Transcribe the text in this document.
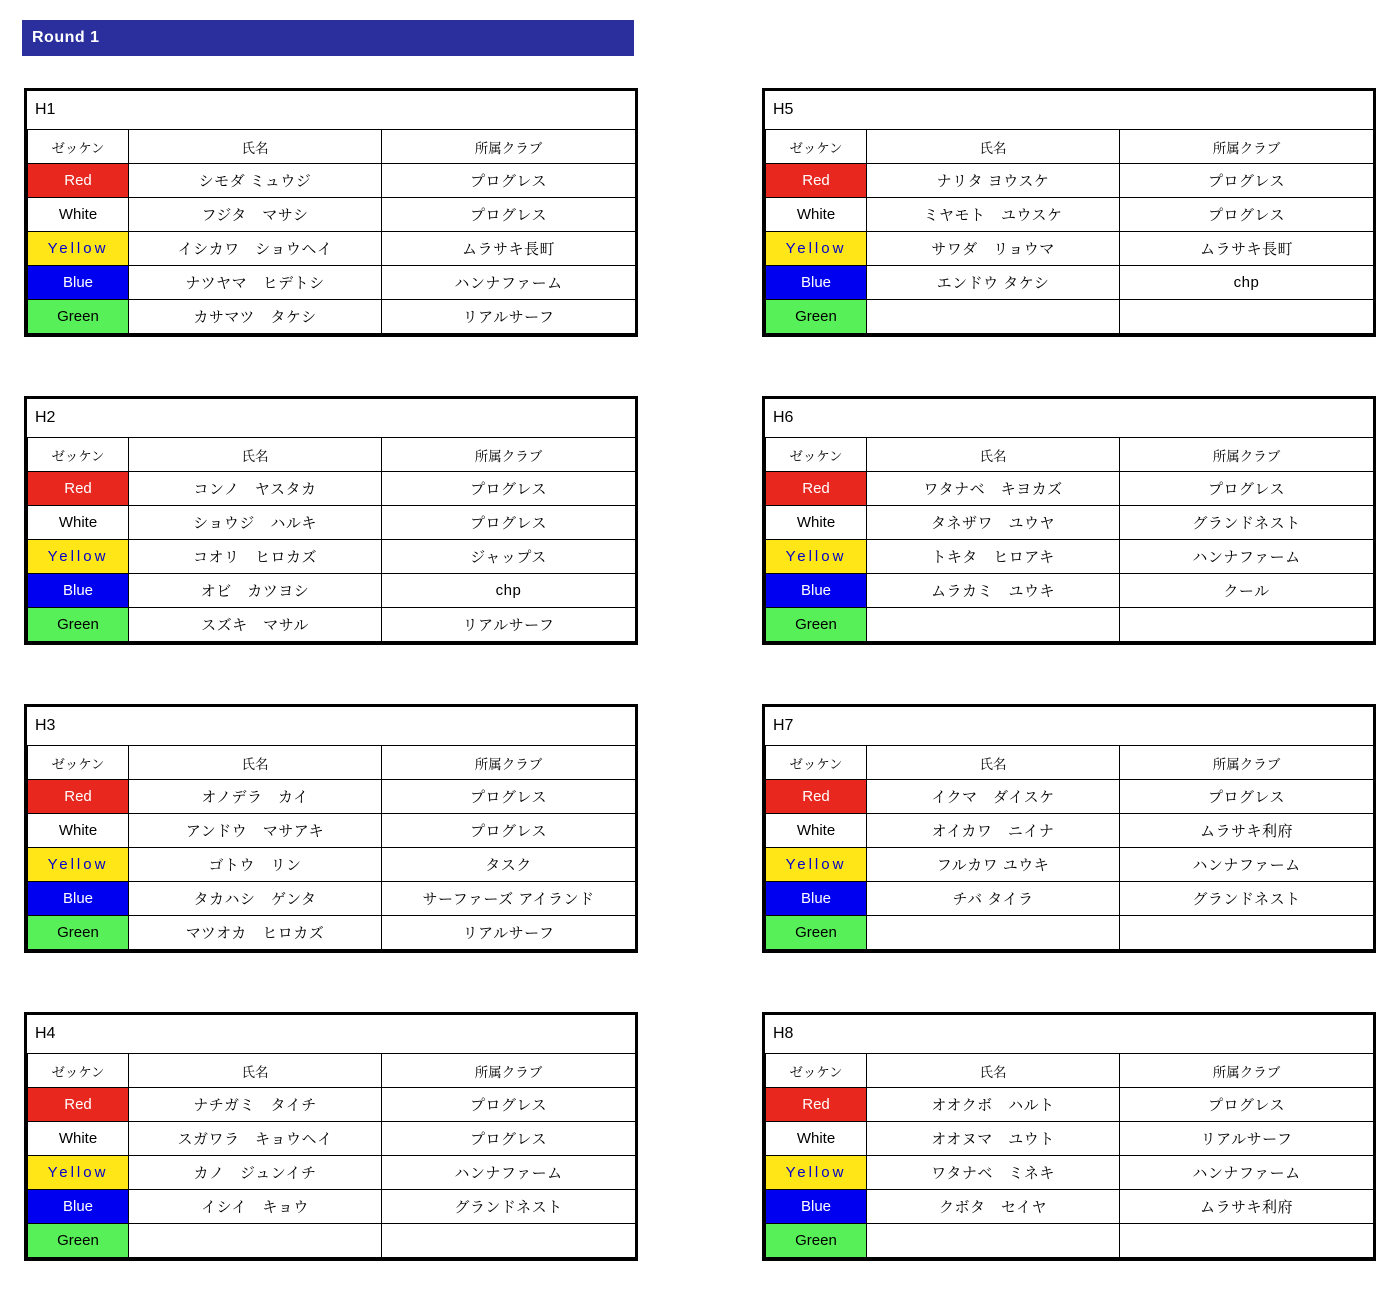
Round 1
H1
ゼッケン	氏名	所属クラブ
Red	シモダ ミュウジ	プログレス
White	フジタ　マサシ	プログレス
Yellow	イシカワ　ショウヘイ	ムラサキ長町
Blue	ナツヤマ　ヒデトシ	ハンナファーム
Green	カサマツ　タケシ	リアルサーフ
H2
ゼッケン	氏名	所属クラブ
Red	コンノ　ヤスタカ	プログレス
White	ショウジ　ハルキ	プログレス
Yellow	コオリ　ヒロカズ	ジャップス
Blue	オビ　カツヨシ	chp
Green	スズキ　マサル	リアルサーフ
H3
ゼッケン	氏名	所属クラブ
Red	オノデラ　カイ	プログレス
White	アンドウ　マサアキ	プログレス
Yellow	ゴトウ　リン	タスク
Blue	タカハシ　ゲンタ	サーファーズ アイランド
Green	マツオカ　ヒロカズ	リアルサーフ
H4
ゼッケン	氏名	所属クラブ
Red	ナチガミ　タイチ	プログレス
White	スガワラ　キョウヘイ	プログレス
Yellow	カノ　ジュンイチ	ハンナファーム
Blue	イシイ　キョウ	グランドネスト
Green		
H5
ゼッケン	氏名	所属クラブ
Red	ナリタ ヨウスケ	プログレス
White	ミヤモト　ユウスケ	プログレス
Yellow	サワダ　リョウマ	ムラサキ長町
Blue	エンドウ タケシ	chp
Green		
H6
ゼッケン	氏名	所属クラブ
Red	ワタナベ　キヨカズ	プログレス
White	タネザワ　ユウヤ	グランドネスト
Yellow	トキタ　ヒロアキ	ハンナファーム
Blue	ムラカミ　ユウキ	クール
Green		
H7
ゼッケン	氏名	所属クラブ
Red	イクマ　ダイスケ	プログレス
White	オイカワ　ニイナ	ムラサキ利府
Yellow	フルカワ ユウキ	ハンナファーム
Blue	チバ タイラ	グランドネスト
Green		
H8
ゼッケン	氏名	所属クラブ
Red	オオクボ　ハルト	プログレス
White	オオヌマ　ユウト	リアルサーフ
Yellow	ワタナベ　ミネキ	ハンナファーム
Blue	クボタ　セイヤ	ムラサキ利府
Green		
